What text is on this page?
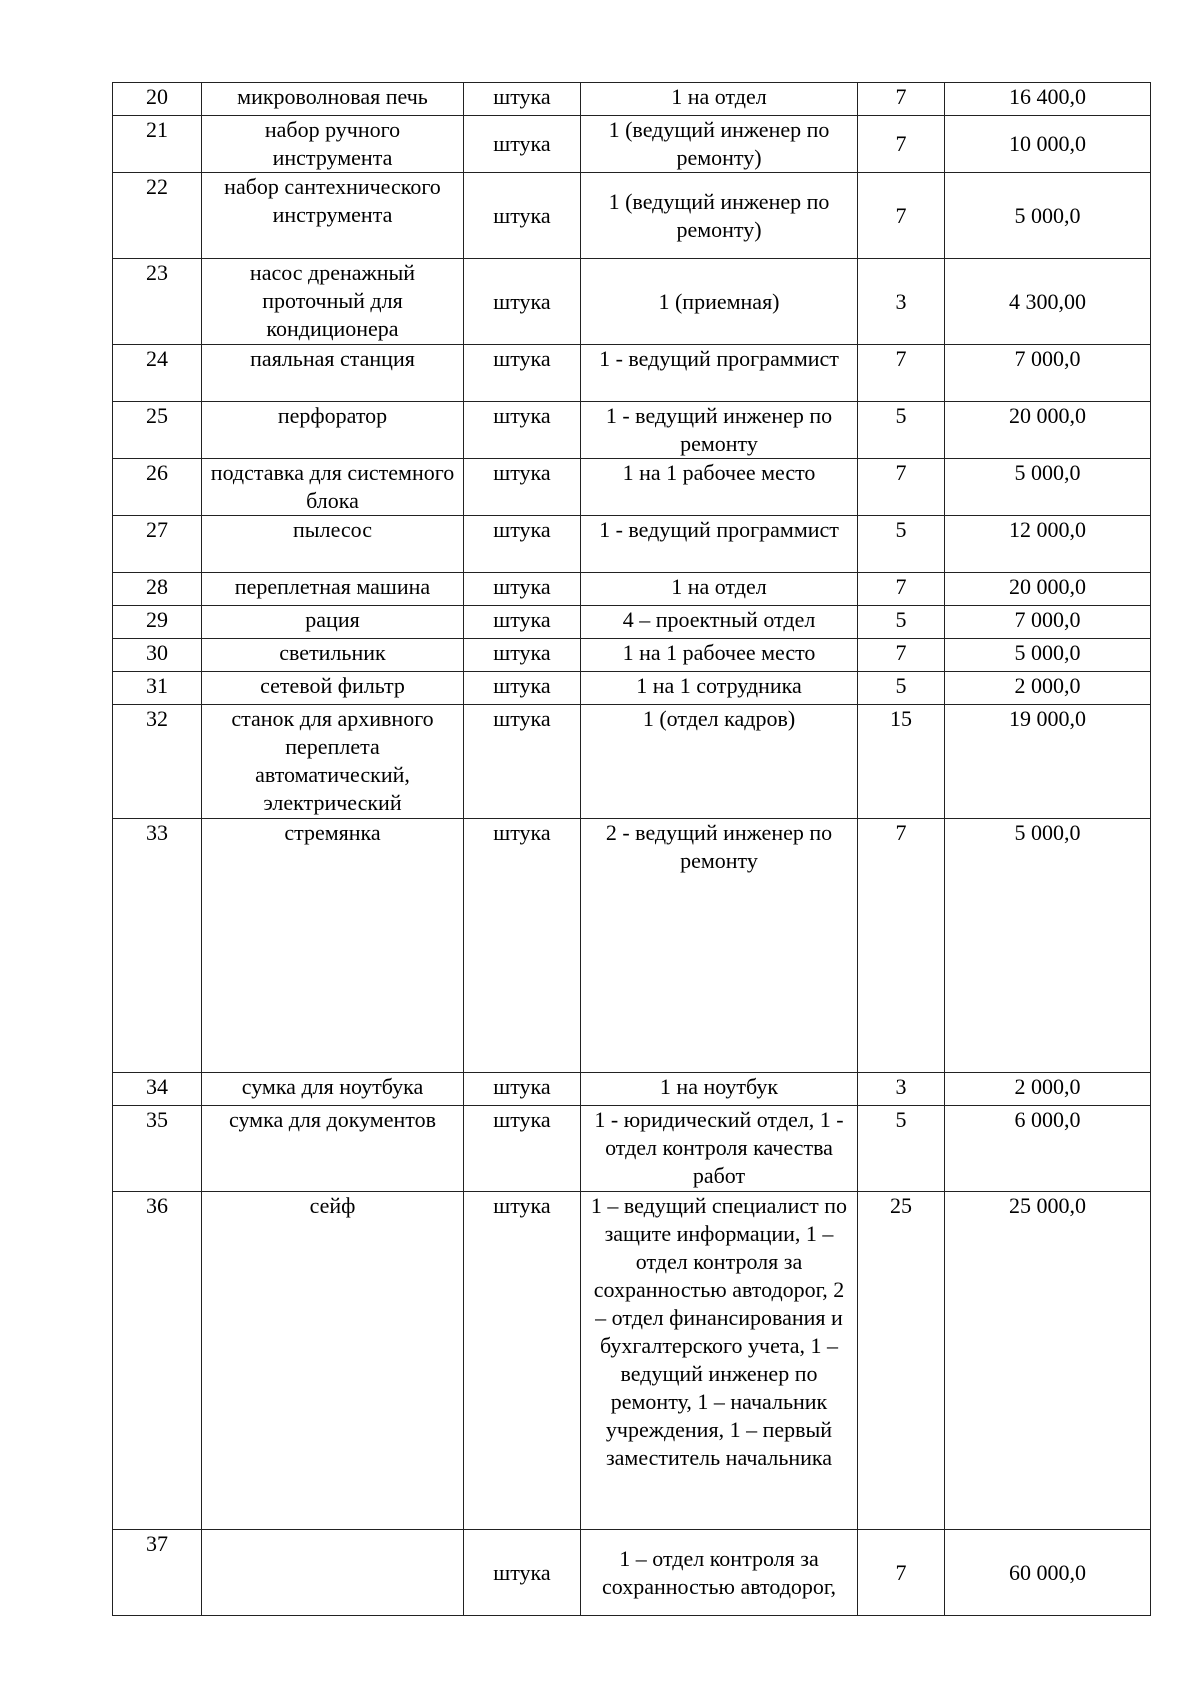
20	микроволновая печь	штука	1 на отдел	7	16 400,0
21	набор ручного инструмента	штука	1 (ведущий инженер по ремонту)	7	10 000,0
22	набор сантехнического инструмента	штука	1 (ведущий инженер по ремонту)	7	5 000,0
23	насос дренажный проточный для кондиционера	штука	1 (приемная)	3	4 300,00
24	паяльная станция	штука	1 - ведущий программист	7	7 000,0
25	перфоратор	штука	1 - ведущий инженер по ремонту	5	20 000,0
26	подставка для системного блока	штука	1 на 1 рабочее место	7	5 000,0
27	пылесос	штука	1 - ведущий программист	5	12 000,0
28	переплетная машина	штука	1 на отдел	7	20 000,0
29	рация	штука	4 – проектный отдел	5	7 000,0
30	светильник	штука	1 на 1 рабочее место	7	5 000,0
31	сетевой фильтр	штука	1 на 1 сотрудника	5	2 000,0
32	станок для архивного переплета автоматический, электрический	штука	1 (отдел кадров)	15	19 000,0
33	стремянка	штука	2 - ведущий инженер по ремонту	7	5 000,0
34	сумка для ноутбука	штука	1 на ноутбук	3	2 000,0
35	сумка для документов	штука	1 - юридический отдел, 1 - отдел контроля качества работ	5	6 000,0
36	сейф	штука	1 – ведущий специалист по защите информации, 1 – отдел контроля за сохранностью автодорог, 2 – отдел финансирования и бухгалтерского учета, 1 – ведущий инженер по ремонту, 1 – начальник учреждения, 1 – первый заместитель начальника	25	25 000,0
37		штука	1 – отдел контроля за сохранностью автодорог,	7	60 000,0
